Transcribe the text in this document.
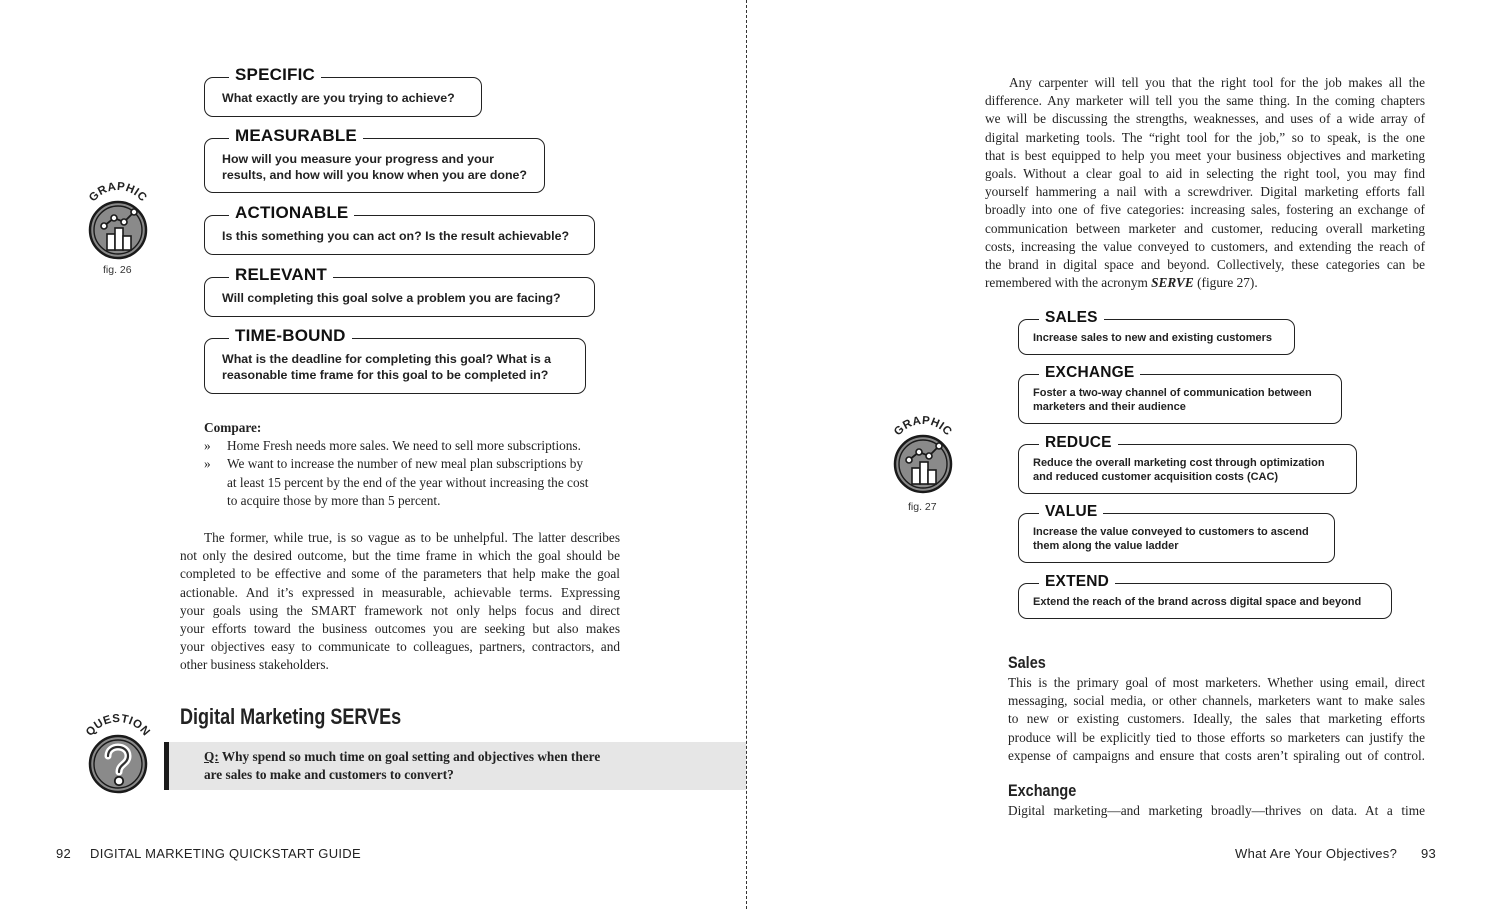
GRAPHIC
fig. 26
SPECIFIC
What exactly are you trying to achieve?
MEASURABLE
How will you measure your progress and your
results, and how will you know when you are done?
ACTIONABLE
Is this something you can act on? Is the result achievable?
RELEVANT
Will completing this goal solve a problem you are facing?
TIME-BOUND
What is the deadline for completing this goal? What is a
reasonable time frame for this goal to be completed in?
Compare:
» Home Fresh needs more sales. We need to sell more subscriptions.
» We want to increase the number of new meal plan subscriptions by
at least 15 percent by the end of the year without increasing the cost
to acquire those by more than 5 percent.
The former, while true, is so vague as to be unhelpful. The latter describes
not only the desired outcome, but the time frame in which the goal should be
completed to be effective and some of the parameters that help make the goal
actionable. And it’s expressed in measurable, achievable terms. Expressing
your goals using the SMART framework not only helps focus and direct
your efforts toward the business outcomes you are seeking but also makes
your objectives easy to communicate to colleagues, partners, contractors, and
other business stakeholders.
Digital Marketing SERVEs
QUESTION
Q: Why spend so much time on goal setting and objectives when there
are sales to make and customers to convert?
92 DIGITAL MARKETING QUICKSTART GUIDE
Any carpenter will tell you that the right tool for the job makes all the
difference. Any marketer will tell you the same thing. In the coming chapters
we will be discussing the strengths, weaknesses, and uses of a wide array of
digital marketing tools. The “right tool for the job,” so to speak, is the one
that is best equipped to help you meet your business objectives and marketing
goals. Without a clear goal to aid in selecting the right tool, you may find
yourself hammering a nail with a screwdriver. Digital marketing efforts fall
broadly into one of five categories: increasing sales, fostering an exchange of
communication between marketer and customer, reducing overall marketing
costs, increasing the value conveyed to customers, and extending the reach of
the brand in digital space and beyond. Collectively, these categories can be
remembered with the acronym SERVE (figure 27).
GRAPHIC
fig. 27
SALES
Increase sales to new and existing customers
EXCHANGE
Foster a two-way channel of communication between
marketers and their audience
REDUCE
Reduce the overall marketing cost through optimization
and reduced customer acquisition costs (CAC)
VALUE
Increase the value conveyed to customers to ascend
them along the value ladder
EXTEND
Extend the reach of the brand across digital space and beyond
Sales
This is the primary goal of most marketers. Whether using email, direct
messaging, social media, or other channels, marketers want to make sales
to new or existing customers. Ideally, the sales that marketing efforts
produce will be explicitly tied to those efforts so marketers can justify the
expense of campaigns and ensure that costs aren’t spiraling out of control.
Exchange
Digital marketing—and marketing broadly—thrives on data. At a time
What Are Your Objectives? 93
